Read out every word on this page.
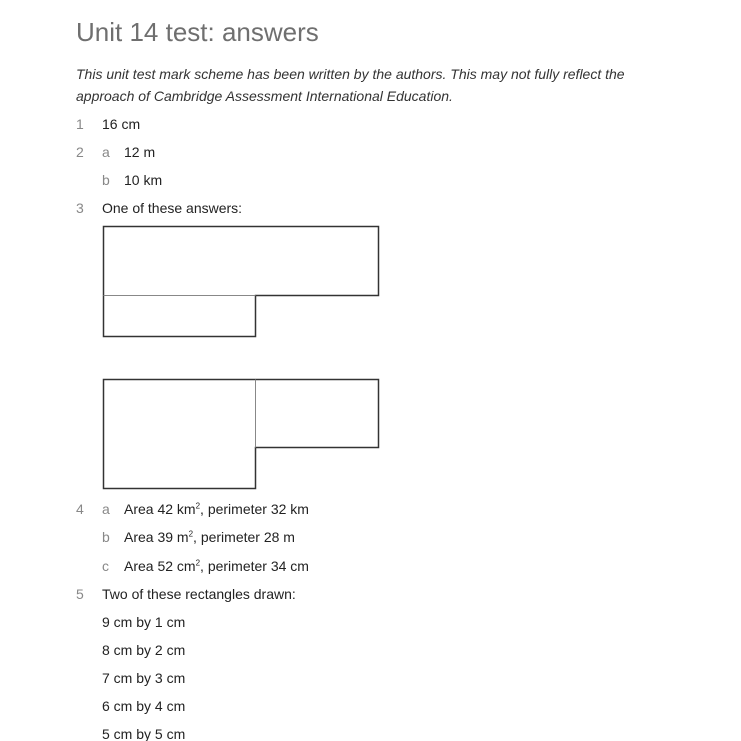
Unit 14 test: answers
This unit test mark scheme has been written by the authors. This may not fully reflect the
approach of Cambridge Assessment International Education.
1 16 cm
2 a 12 m
b 10 km
3 One of these answers:
4 a Area 42 $km^2$, perimeter 32 km
b Area 39 $m^2$, perimeter 28 m
c Area 52 $cm^2$, perimeter 34 cm
5 Two of these rectangles drawn:
9 cm by 1 cm
8 cm by 2 cm
7 cm by 3 cm
6 cm by 4 cm
5 cm by 5 cm
